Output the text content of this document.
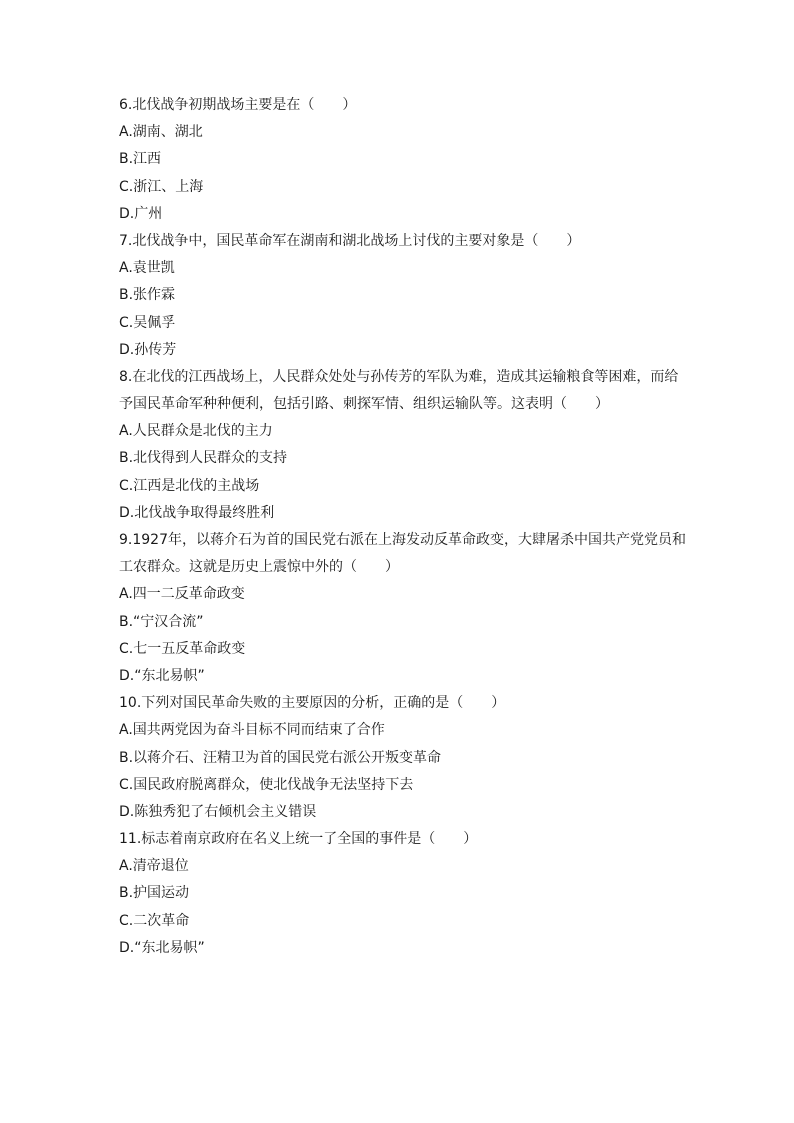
6.北伐战争初期战场主要是在（　　）
A.湖南、湖北
B.江西
C.浙江、上海
D.广州
7.北伐战争中，国民革命军在湖南和湖北战场上讨伐的主要对象是（　　）
A.袁世凯
B.张作霖
C.吴佩孚
D.孙传芳
8.在北伐的江西战场上，人民群众处处与孙传芳的军队为难，造成其运输粮食等困难，而给
予国民革命军种种便利，包括引路、刺探军情、组织运输队等。这表明（　　）
A.人民群众是北伐的主力
B.北伐得到人民群众的支持
C.江西是北伐的主战场
D.北伐战争取得最终胜利
9.1927年，以蒋介石为首的国民党右派在上海发动反革命政变，大肆屠杀中国共产党党员和
工农群众。这就是历史上震惊中外的（　　）
A.四一二反革命政变
B.“宁汉合流”
C.七一五反革命政变
D.“东北易帜”
10.下列对国民革命失败的主要原因的分析，正确的是（　　）
A.国共两党因为奋斗目标不同而结束了合作
B.以蒋介石、汪精卫为首的国民党右派公开叛变革命
C.国民政府脱离群众，使北伐战争无法坚持下去
D.陈独秀犯了右倾机会主义错误
11.标志着南京政府在名义上统一了全国的事件是（　　）
A.清帝退位
B.护国运动
C.二次革命
D.“东北易帜”
